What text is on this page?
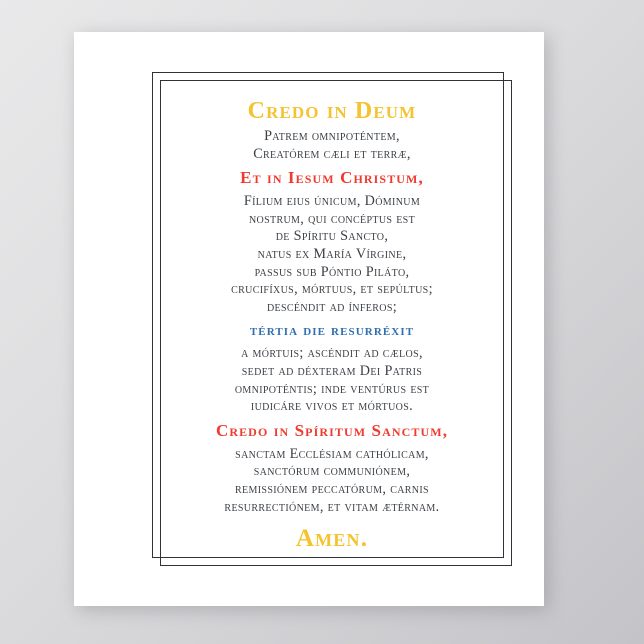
Credo in Deum
Patrem omnipoténtem,
Creatórem cæli et terræ,
Et in Iesum Christum,
Fílium eius únicum, Dóminum
nostrum, qui concéptus est
de Spíritu Sancto,
natus ex María Vírgine,
passus sub Póntio Piláto,
crucifíxus, mórtuus, et sepúltus;
descéndit ad ínferos;
tértia die resurréxit
a mórtuis; ascéndit ad cælos,
sedet ad déxteram Dei Patris
omnipoténtis; inde ventúrus est
iudicáre vivos et mórtuos.
Credo in Spíritum Sanctum,
sanctam Ecclésiam cathólicam,
sanctórum communiónem,
remissiónem peccatórum, carnis
resurrectiónem, et vitam ætérnam.
Amen.
